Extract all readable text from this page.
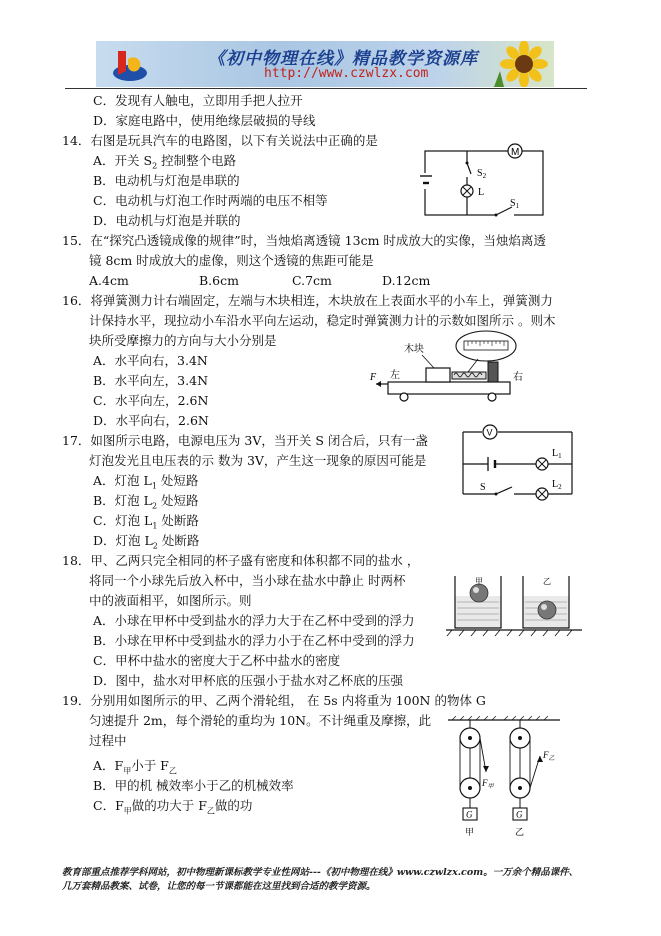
《初中物理在线》精品教学资源库
http://www.czwlzx.com
C．发现有人触电，立即用手把人拉开
D．家庭电路中，使用绝缘层破损的导线
14．右图是玩具汽车的电路图，以下有关说法中正确的是
A．开关 $S_2$ 控制整个电路
B．电动机与灯泡是串联的
C．电动机与灯泡工作时两端的电压不相等
D．电动机与灯泡是并联的
$S_2$
L
M
$S_1$
15．在“探究凸透镜成像的规律”时，当烛焰离透镜 13cm 时成放大的实像，当烛焰离透
镜 8cm 时成放大的虚像，则这个透镜的焦距可能是
A.4cm	B.6cm	C.7cm	D.12cm
16．将弹簧测力计右端固定，左端与木块相连，木块放在上表面水平的小车上，弹簧测力
计保持水平，现拉动小车沿水平向左运动，稳定时弹簧测力计的示数如图所示 。则木
块所受摩擦力的方向与大小分别是
A．水平向右，3.4N
B．水平向左，3.4N
C．水平向左，2.6N
D．水平向右，2.6N
F 左
木块
右
17．如图所示电路，电源电压为 3V，当开关 S 闭合后，只有一盏
灯泡发光且电压表的示 数为 3V，产生这一现象的原因可能是
A．灯泡 $L_1$ 处短路
B．灯泡 $L_2$ 处短路
C．灯泡 $L_1$ 处断路
D．灯泡 $L_2$ 处断路
V
$L_1$
S	$L_2$
18．甲、乙两只完全相同的杯子盛有密度和体积都不同的盐水 ，
将同一个小球先后放入杯中，当小球在盐水中静止 时两杯
中的液面相平，如图所示。则
A．小球在甲杯中受到盐水的浮力大于在乙杯中受到的浮力
B．小球在甲杯中受到盐水的浮力小于在乙杯中受到的浮力
C．甲杯中盐水的密度大于乙杯中盐水的密度
D．图中，盐水对甲杯底的压强小于盐水对乙杯底的压强
甲	乙
19．分别用如图所示的甲、乙两个滑轮组， 在 5s 内将重为 100N 的物体 G
匀速提升 2m，每个滑轮的重均为 10N。不计绳重及摩擦，此
过程中
A．$F_甲$小于 $F_乙$
B．甲的机 械效率小于乙的机械效率
C．$F_甲$做的功大于 $F_乙$做的功
$F_甲$
G
甲
$F_乙$
G
乙
教育部重点推荐学科网站，初中物理新课标教学专业性网站---《初中物理在线》www.czwlzx.com。一万余个精品课件、
几万套精品教案、试卷，让您的每一节课都能在这里找到合适的教学资源。
